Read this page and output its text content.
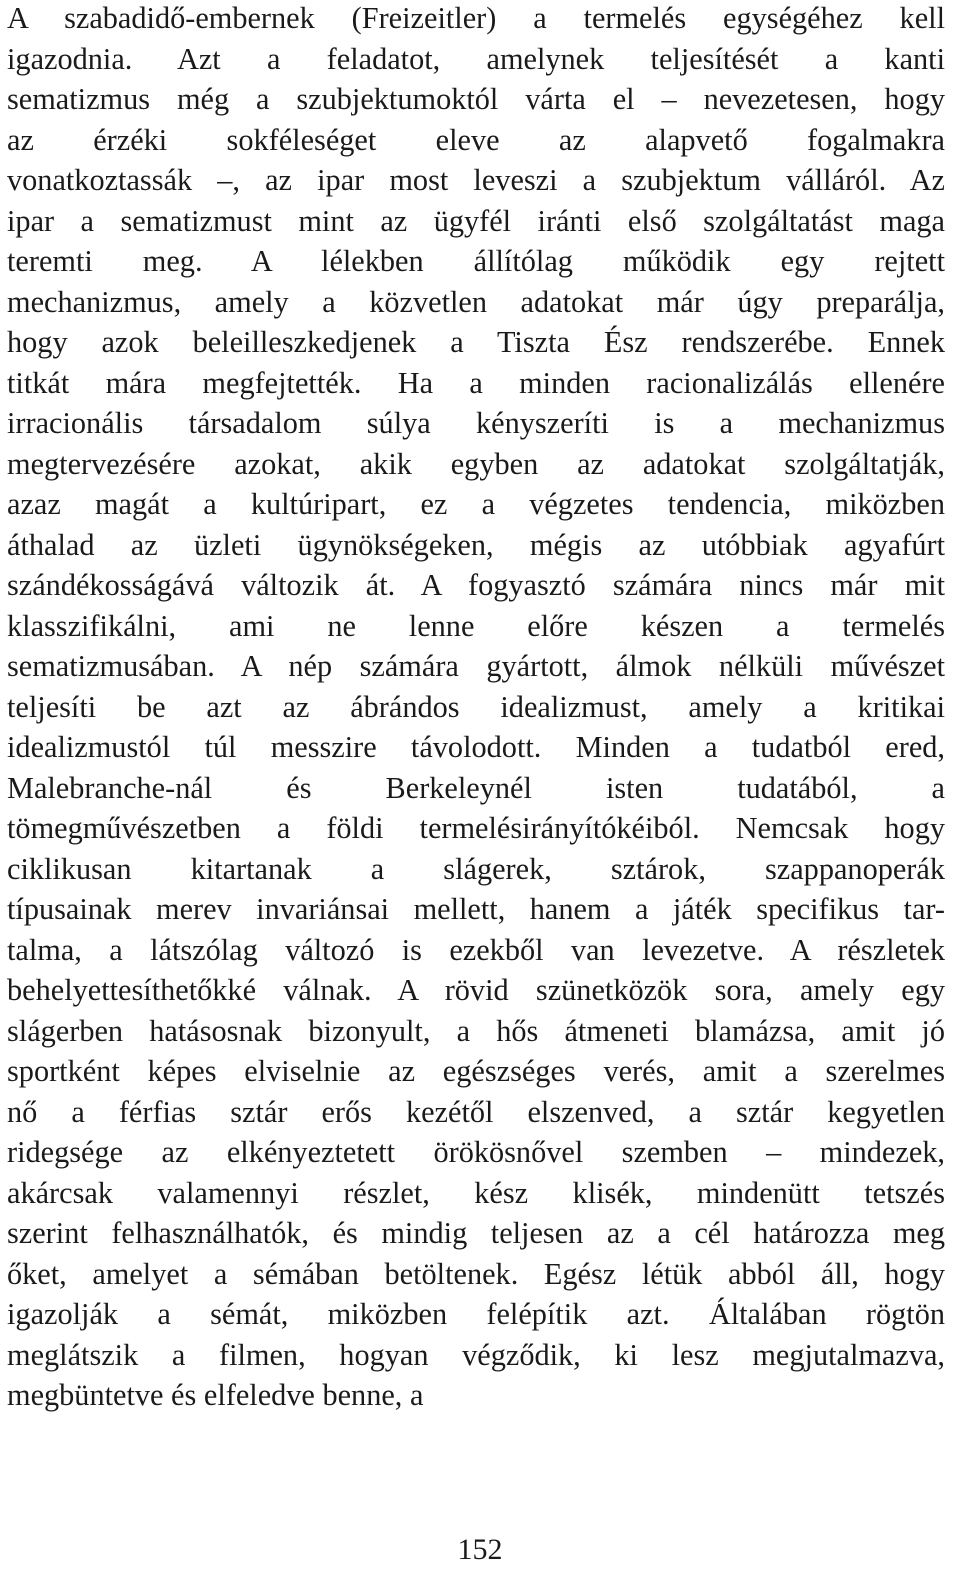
A szabadidő-embernek (Freizeitler) a termelés egységéhez kell
igazodnia. Azt a feladatot, amelynek teljesítését a kanti
sematizmus még a szubjektumoktól várta el – nevezetesen, hogy
az érzéki sokféleséget eleve az alapvető fogalmakra
vonatkoztassák –, az ipar most leveszi a szubjektum válláról. Az
ipar a sematizmust mint az ügyfél iránti első szolgáltatást maga
teremti meg. A lélekben állítólag működik egy rejtett
mechanizmus, amely a közvetlen adatokat már úgy preparálja,
hogy azok beleilleszkedjenek a Tiszta Ész rendszerébe. Ennek
titkát mára megfejtették. Ha a minden racionalizálás ellenére
irracionális társadalom súlya kényszeríti is a mechanizmus
megtervezésére azokat, akik egyben az adatokat szolgáltatják,
azaz magát a kultúripart, ez a végzetes tendencia, miközben
áthalad az üzleti ügynökségeken, mégis az utóbbiak agyafúrt
szándékosságává változik át. A fogyasztó számára nincs már mit
klasszifikálni, ami ne lenne előre készen a termelés
sematizmusában. A nép számára gyártott, álmok nélküli művészet
teljesíti be azt az ábrándos idealizmust, amely a kritikai
idealizmustól túl messzire távolodott. Minden a tudatból ered,
Malebranche-nál és Berkeleynél isten tudatából, a
tömegművészetben a földi termelésirányítókéiból. Nemcsak hogy
ciklikusan kitartanak a slágerek, sztárok, szappanoperák
típusainak merev invariánsai mellett, hanem a játék specifikus tar-
talma, a látszólag változó is ezekből van levezetve. A részletek
behelyettesíthetőkké válnak. A rövid szünetközök sora, amely egy
slágerben hatásosnak bizonyult, a hős átmeneti blamázsa, amit jó
sportként képes elviselnie az egészséges verés, amit a szerelmes
nő a férfias sztár erős kezétől elszenved, a sztár kegyetlen
ridegsége az elkényeztetett örökösnővel szemben – mindezek,
akárcsak valamennyi részlet, kész klisék, mindenütt tetszés
szerint felhasználhatók, és mindig teljesen az a cél határozza meg
őket, amelyet a sémában betöltenek. Egész létük abból áll, hogy
igazolják a sémát, miközben felépítik azt. Általában rögtön
meglátszik a filmen, hogyan végződik, ki lesz megjutalmazva,
megbüntetve és elfeledve benne, a
152
